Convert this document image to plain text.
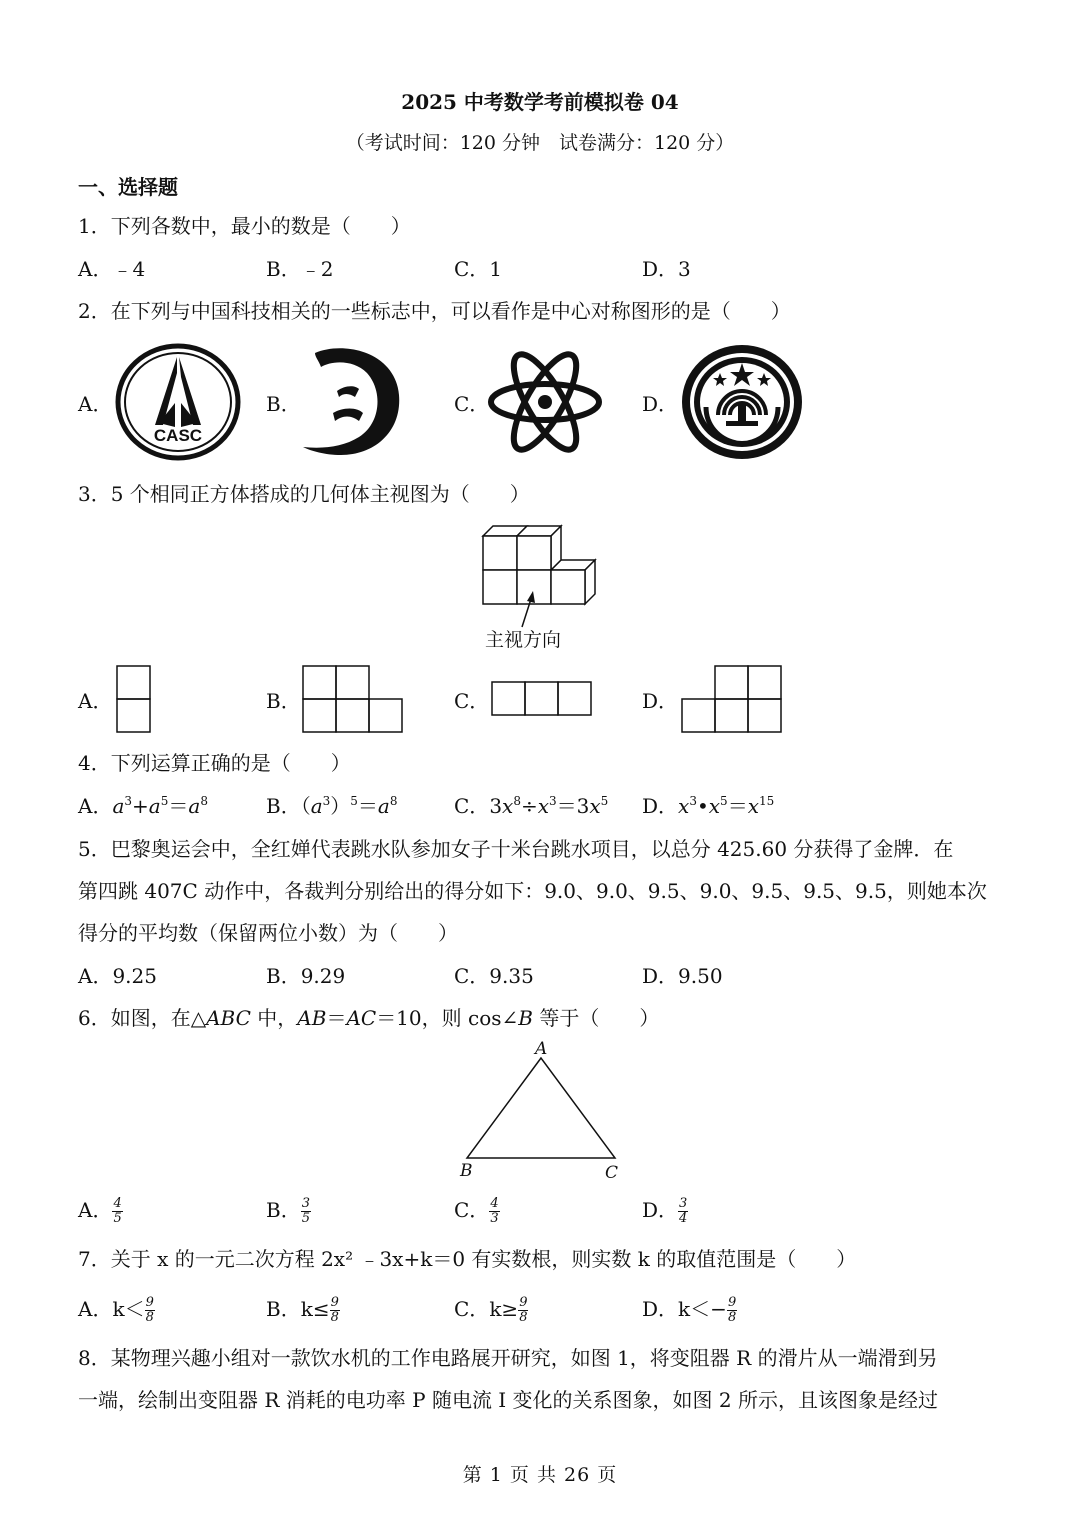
2025 中考数学考前模拟卷 04
（考试时间：120 分钟　试卷满分：120 分）
一、选择题
1．下列各数中，最小的数是（　　）
A．﹣4	B．﹣2	C．1	D．3
2．在下列与中国科技相关的一些标志中，可以看作是中心对称图形的是（　　）
A．	B．	C．	D．
CASC
3．5 个相同正方体搭成的几何体主视图为（　　）
主视方向
A．	B．	C．	D．
4．下列运算正确的是（　　）
A．$a^3+a^5=a^8$	B．$(a^3)^5=a^8$	C．$3x^8\div x^3=3x^5$ D．$x^3•x^5=x^{15}$
5．巴黎奥运会中，全红婵代表跳水队参加女子十米台跳水项目，以总分 425.60 分获得了金牌．在
第四跳 407C 动作中，各裁判分别给出的得分如下：9.0、9.0、9.5、9.0、9.5、9.5、9.5，则她本次
得分的平均数（保留两位小数）为（　　）
A．9.25	B．9.29	C．9.35	D．9.50
6．如图，在△ABC 中，AB＝AC＝10，则 cos∠B 等于（　　）
A
B	C
A． $\frac{4}{5}$	B． $\frac{3}{5}$	C． $\frac{4}{3}$	D． $\frac{3}{4}$
7．关于 x 的一元二次方程 2x² ﹣3x+k＝0 有实数根，则实数 k 的取值范围是（　　）
A．$k< \frac{9}{8}$	B．$k\le \frac{9}{8}$	C．$k\ge \frac{9}{8}$	D．$k<- \frac{9}{8}$
8．某物理兴趣小组对一款饮水机的工作电路展开研究，如图 1，将变阻器 R 的滑片从一端滑到另
一端，绘制出变阻器 R 消耗的电功率 P 随电流 I 变化的关系图象，如图 2 所示，且该图象是经过
第 1 页 共 26 页
